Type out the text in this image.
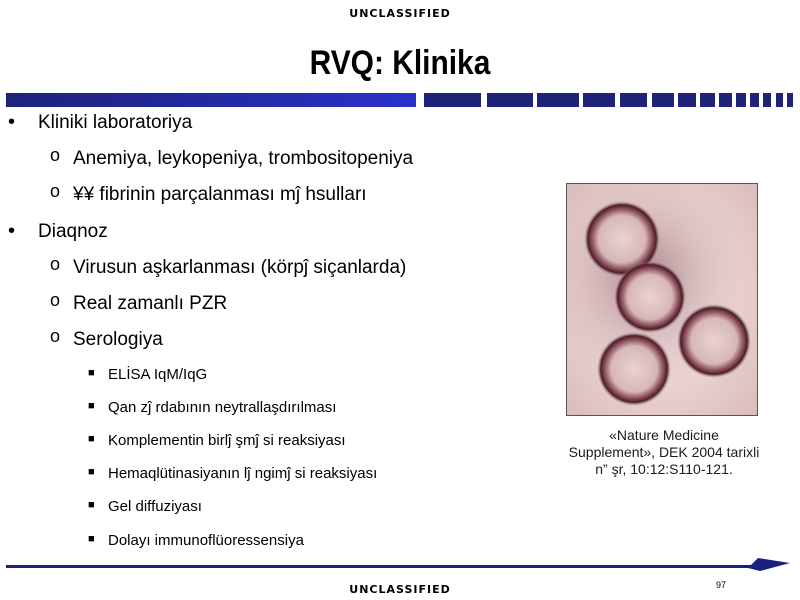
UNCLASSIFIED
RVQ: Klinika
• Kliniki laboratoriya
o Anemiya, leykopeniya, trombositopeniya
o ¥¥ fibrinin parçalanması mĵ hsulları
• Diaqnoz
o Virusun aşkarlanması (körpĵ siçanlarda)
o Real zamanlı PZR
o Serologiya
■ ELİSA IqM/IqG
■ Qan zĵ rdabının neytrallaşdırılması
■ Komplementin birlĵ şmĵ si reaksiyası
■ Hemaqlütinasiyanın lĵ ngimĵ si reaksiyası
■ Gel diffuziyası
■ Dolayı immunoflüoressensiya
«Nature Medicine
Supplement», DEK 2004 tarixli
n” şr, 10:12:S110-121.
97
UNCLASSIFIED
